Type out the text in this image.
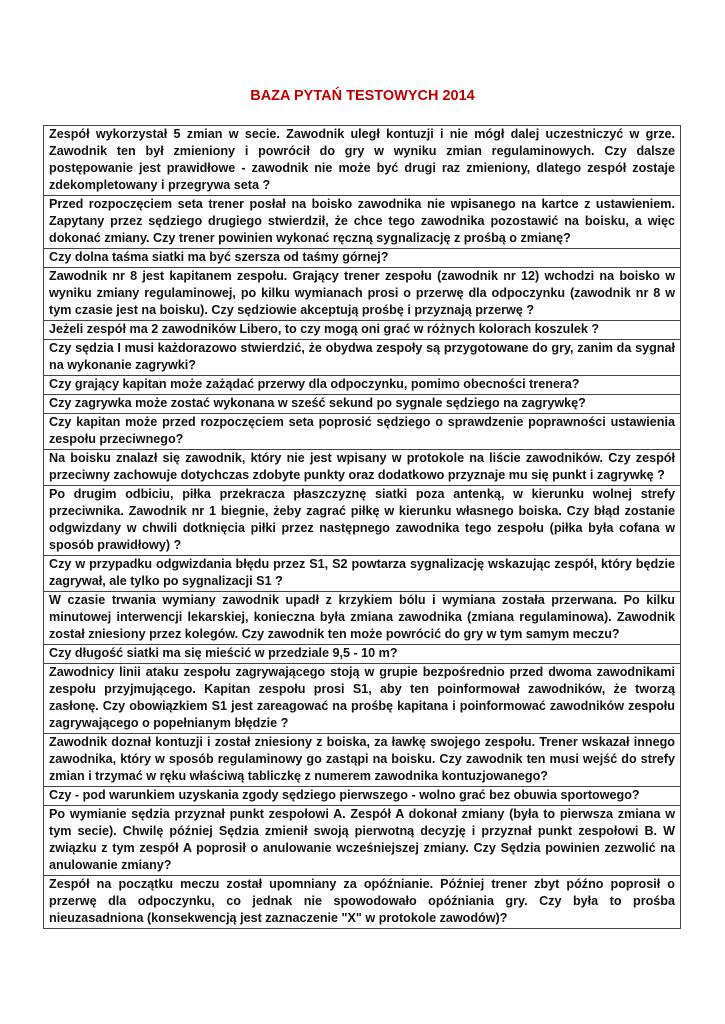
BAZA PYTAŃ TESTOWYCH 2014
Zespół wykorzystał 5 zmian w secie. Zawodnik uległ kontuzji i nie mógł dalej uczestniczyć w grze. Zawodnik ten był zmieniony i powrócił do gry w wyniku zmian regulaminowych. Czy dalsze postępowanie jest prawidłowe - zawodnik nie może być drugi raz zmieniony, dlatego zespół zostaje zdekompletowany i przegrywa seta ?
Przed rozpoczęciem seta trener posłał na boisko zawodnika nie wpisanego na kartce z ustawieniem. Zapytany przez sędziego drugiego stwierdził, że chce tego zawodnika pozostawić na boisku, a więc dokonać zmiany. Czy trener powinien wykonać ręczną sygnalizację z prośbą o zmianę?
Czy dolna taśma siatki ma być szersza od taśmy górnej?
Zawodnik nr 8 jest kapitanem zespołu. Grający trener zespołu (zawodnik nr 12) wchodzi na boisko w wyniku zmiany regulaminowej, po kilku wymianach prosi o przerwę dla odpoczynku (zawodnik nr 8 w tym czasie jest na boisku). Czy sędziowie akceptują prośbę i przyznają przerwę ?
Jeżeli zespół ma 2 zawodników Libero, to czy mogą oni grać w różnych kolorach koszulek ?
Czy sędzia I musi każdorazowo stwierdzić, że obydwa zespoły są przygotowane do gry, zanim da sygnał na wykonanie zagrywki?
Czy grający kapitan może zażądać przerwy dla odpoczynku, pomimo obecności trenera?
Czy zagrywka może zostać wykonana w sześć sekund po sygnale sędziego na zagrywkę?
Czy kapitan może przed rozpoczęciem seta poprosić sędziego o sprawdzenie poprawności ustawienia zespołu przeciwnego?
Na boisku znalazł się zawodnik, który nie jest wpisany w protokole na liście zawodników. Czy zespół przeciwny zachowuje dotychczas zdobyte punkty oraz dodatkowo przyznaje mu się punkt i zagrywkę ?
Po drugim odbiciu, piłka przekracza płaszczyznę siatki poza antenką, w kierunku wolnej strefy przeciwnika. Zawodnik nr 1 biegnie, żeby zagrać piłkę w kierunku własnego boiska. Czy błąd zostanie odgwizdany w chwili dotknięcia piłki przez następnego zawodnika tego zespołu (piłka była cofana w sposób prawidłowy) ?
Czy w przypadku odgwizdania błędu przez S1, S2 powtarza sygnalizację wskazując zespół, który będzie zagrywał, ale tylko po sygnalizacji S1 ?
W czasie trwania wymiany zawodnik upadł z krzykiem bólu i wymiana została przerwana. Po kilku minutowej interwencji lekarskiej, konieczna była zmiana zawodnika (zmiana regulaminowa). Zawodnik został zniesiony przez kolegów. Czy zawodnik ten może powrócić do gry w tym samym meczu?
Czy długość siatki ma się mieścić w przedziale 9,5 - 10 m?
Zawodnicy linii ataku zespołu zagrywającego stoją w grupie bezpośrednio przed dwoma zawodnikami zespołu przyjmującego. Kapitan zespołu prosi S1, aby ten poinformował zawodników, że tworzą zasłonę. Czy obowiązkiem S1 jest zareagować na prośbę kapitana i poinformować zawodników zespołu zagrywającego o popełnianym błędzie ?
Zawodnik doznał kontuzji i został zniesiony z boiska, za ławkę swojego zespołu. Trener wskazał innego zawodnika, który w sposób regulaminowy go zastąpi na boisku. Czy zawodnik ten musi wejść do strefy zmian i trzymać w ręku właściwą tabliczkę z numerem zawodnika kontuzjowanego?
Czy - pod warunkiem uzyskania zgody sędziego pierwszego - wolno grać bez obuwia sportowego?
Po wymianie sędzia przyznał punkt zespołowi A. Zespół A dokonał zmiany (była to pierwsza zmiana w tym secie). Chwilę później Sędzia zmienił swoją pierwotną decyzję i przyznał punkt zespołowi B. W związku z tym zespół A poprosił o anulowanie wcześniejszej zmiany. Czy Sędzia powinien zezwolić na anulowanie zmiany?
Zespół na początku meczu został upomniany za opóźnianie. Później trener zbyt późno poprosił o przerwę dla odpoczynku, co jednak nie spowodowało opóźniania gry. Czy była to prośba nieuzasadniona (konsekwencją jest zaznaczenie "X" w protokole zawodów)?
